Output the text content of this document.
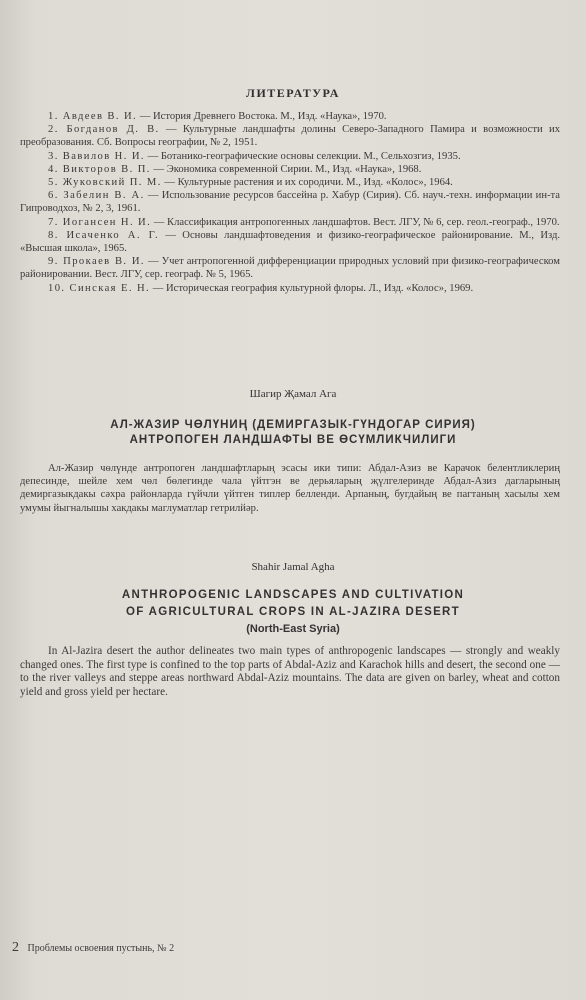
ЛИТЕРАТУРА

1. Авдеев В. И. — История Древнего Востока. М., Изд. «Наука», 1970.

2. Богданов Д. В. — Культурные ландшафты долины Северо-Западного Памира и возможности их преобразования. Сб. Вопросы географии, № 2, 1951.

3. Вавилов Н. И. — Ботанико-географические основы селекции. М., Сельхозгиз, 1935.

4. Викторов В. П. — Экономика современной Сирии. М., Изд. «Наука», 1968.

5. Жуковский П. М. — Культурные растения и их сородичи. М., Изд. «Колос», 1964.

6. Забелин В. А. — Использование ресурсов бассейна р. Хабур (Сирия). Сб. науч.-техн. информации ин-та Гипроводхоз, № 2, 3, 1961.

7. Иогансен Н. И. — Классификация антропогенных ландшафтов. Вест. ЛГУ, № 6, сер. геол.-географ., 1970.

8. Исаченко А. Г. — Основы ландшафтоведения и физико-географическое районирование. М., Изд. «Высшая школа», 1965.

9. Прокаев В. И. — Учет антропогенной дифференциации природных условий при физико-географическом районировании. Вест. ЛГУ, сер. географ. № 5, 1965.

10. Синская Е. Н. — Историческая география культурной флоры. Л., Изд. «Колос», 1969.

Шагир Җамал Ага
АЛ-ЖАЗИР ЧӨЛҮНИҢ (ДЕМИРГАЗЫК-ГҮНДОГАР СИРИЯ)
АНТРОПОГЕН ЛАНДШАФТЫ ВЕ ӨСҮМЛИКЧИЛИГИ
Ал-Жазир чөлүнде антропоген ландшафтларың эсасы ики типи: Абдал-Азиз ве Карачок белентликлериң депесинде, шейле хем чөл бөлегинде чала үйтгэн ве дерьяларың җүлгелеринде Абдал-Азиз дагларының демиргазыкдакы сәхра районларда гүйчли үйтген типлер белленди. Арпаның, бугдайың ве пагтаның хасылы хем умумы йыгналышы хакдакы маглуматлар гетрилйәр.
Shahir Jamal Agha
ANTHROPOGENIC LANDSCAPES AND CULTIVATION
OF AGRICULTURAL CROPS IN AL-JAZIRA DESERT
(North-East Syria)
In Al-Jazira desert the author delineates two main types of anthropogenic landscapes — strongly and weakly changed ones. The first type is confined to the top parts of Abdal-Aziz and Karachok hills and desert, the second one — to the river valleys and steppe areas northward Abdal-Aziz mountains. The data are given on barley, wheat and cotton yield and gross yield per hectare.
2 Проблемы освоения пустынь, № 2
